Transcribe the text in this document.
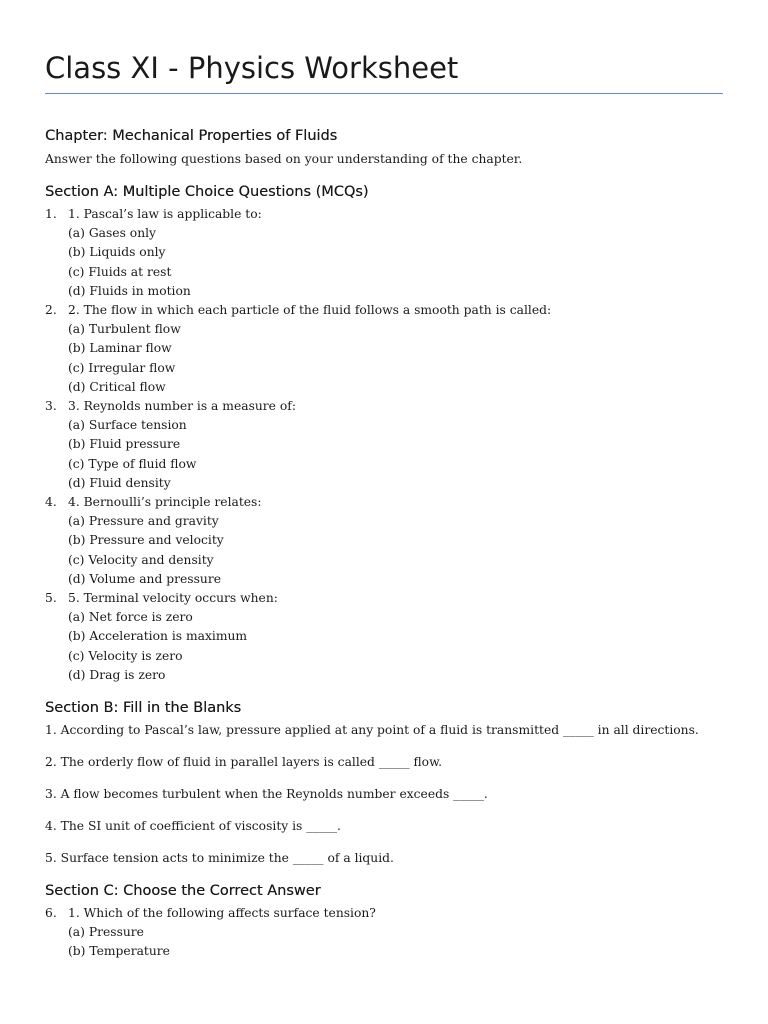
Class XI - Physics Worksheet
Chapter: Mechanical Properties of Fluids

Answer the following questions based on your understanding of the chapter.

Section A: Multiple Choice Questions (MCQs)
1. 1. Pascal’s law is applicable to:
(a) Gases only
(b) Liquids only
(c) Fluids at rest
(d) Fluids in motion
2. 2. The flow in which each particle of the fluid follows a smooth path is called:
(a) Turbulent flow
(b) Laminar flow
(c) Irregular flow
(d) Critical flow
3. 3. Reynolds number is a measure of:
(a) Surface tension
(b) Fluid pressure
(c) Type of fluid flow
(d) Fluid density
4. 4. Bernoulli’s principle relates:
(a) Pressure and gravity
(b) Pressure and velocity
(c) Velocity and density
(d) Volume and pressure
5. 5. Terminal velocity occurs when:
(a) Net force is zero
(b) Acceleration is maximum
(c) Velocity is zero
(d) Drag is zero
Section B: Fill in the Blanks
1. According to Pascal’s law, pressure applied at any point of a fluid is transmitted _____ in all directions.
2. The orderly flow of fluid in parallel layers is called _____ flow.
3. A flow becomes turbulent when the Reynolds number exceeds _____.
4. The SI unit of coefficient of viscosity is _____.
5. Surface tension acts to minimize the _____ of a liquid.
Section C: Choose the Correct Answer
6. 1. Which of the following affects surface tension?
(a) Pressure
(b) Temperature
